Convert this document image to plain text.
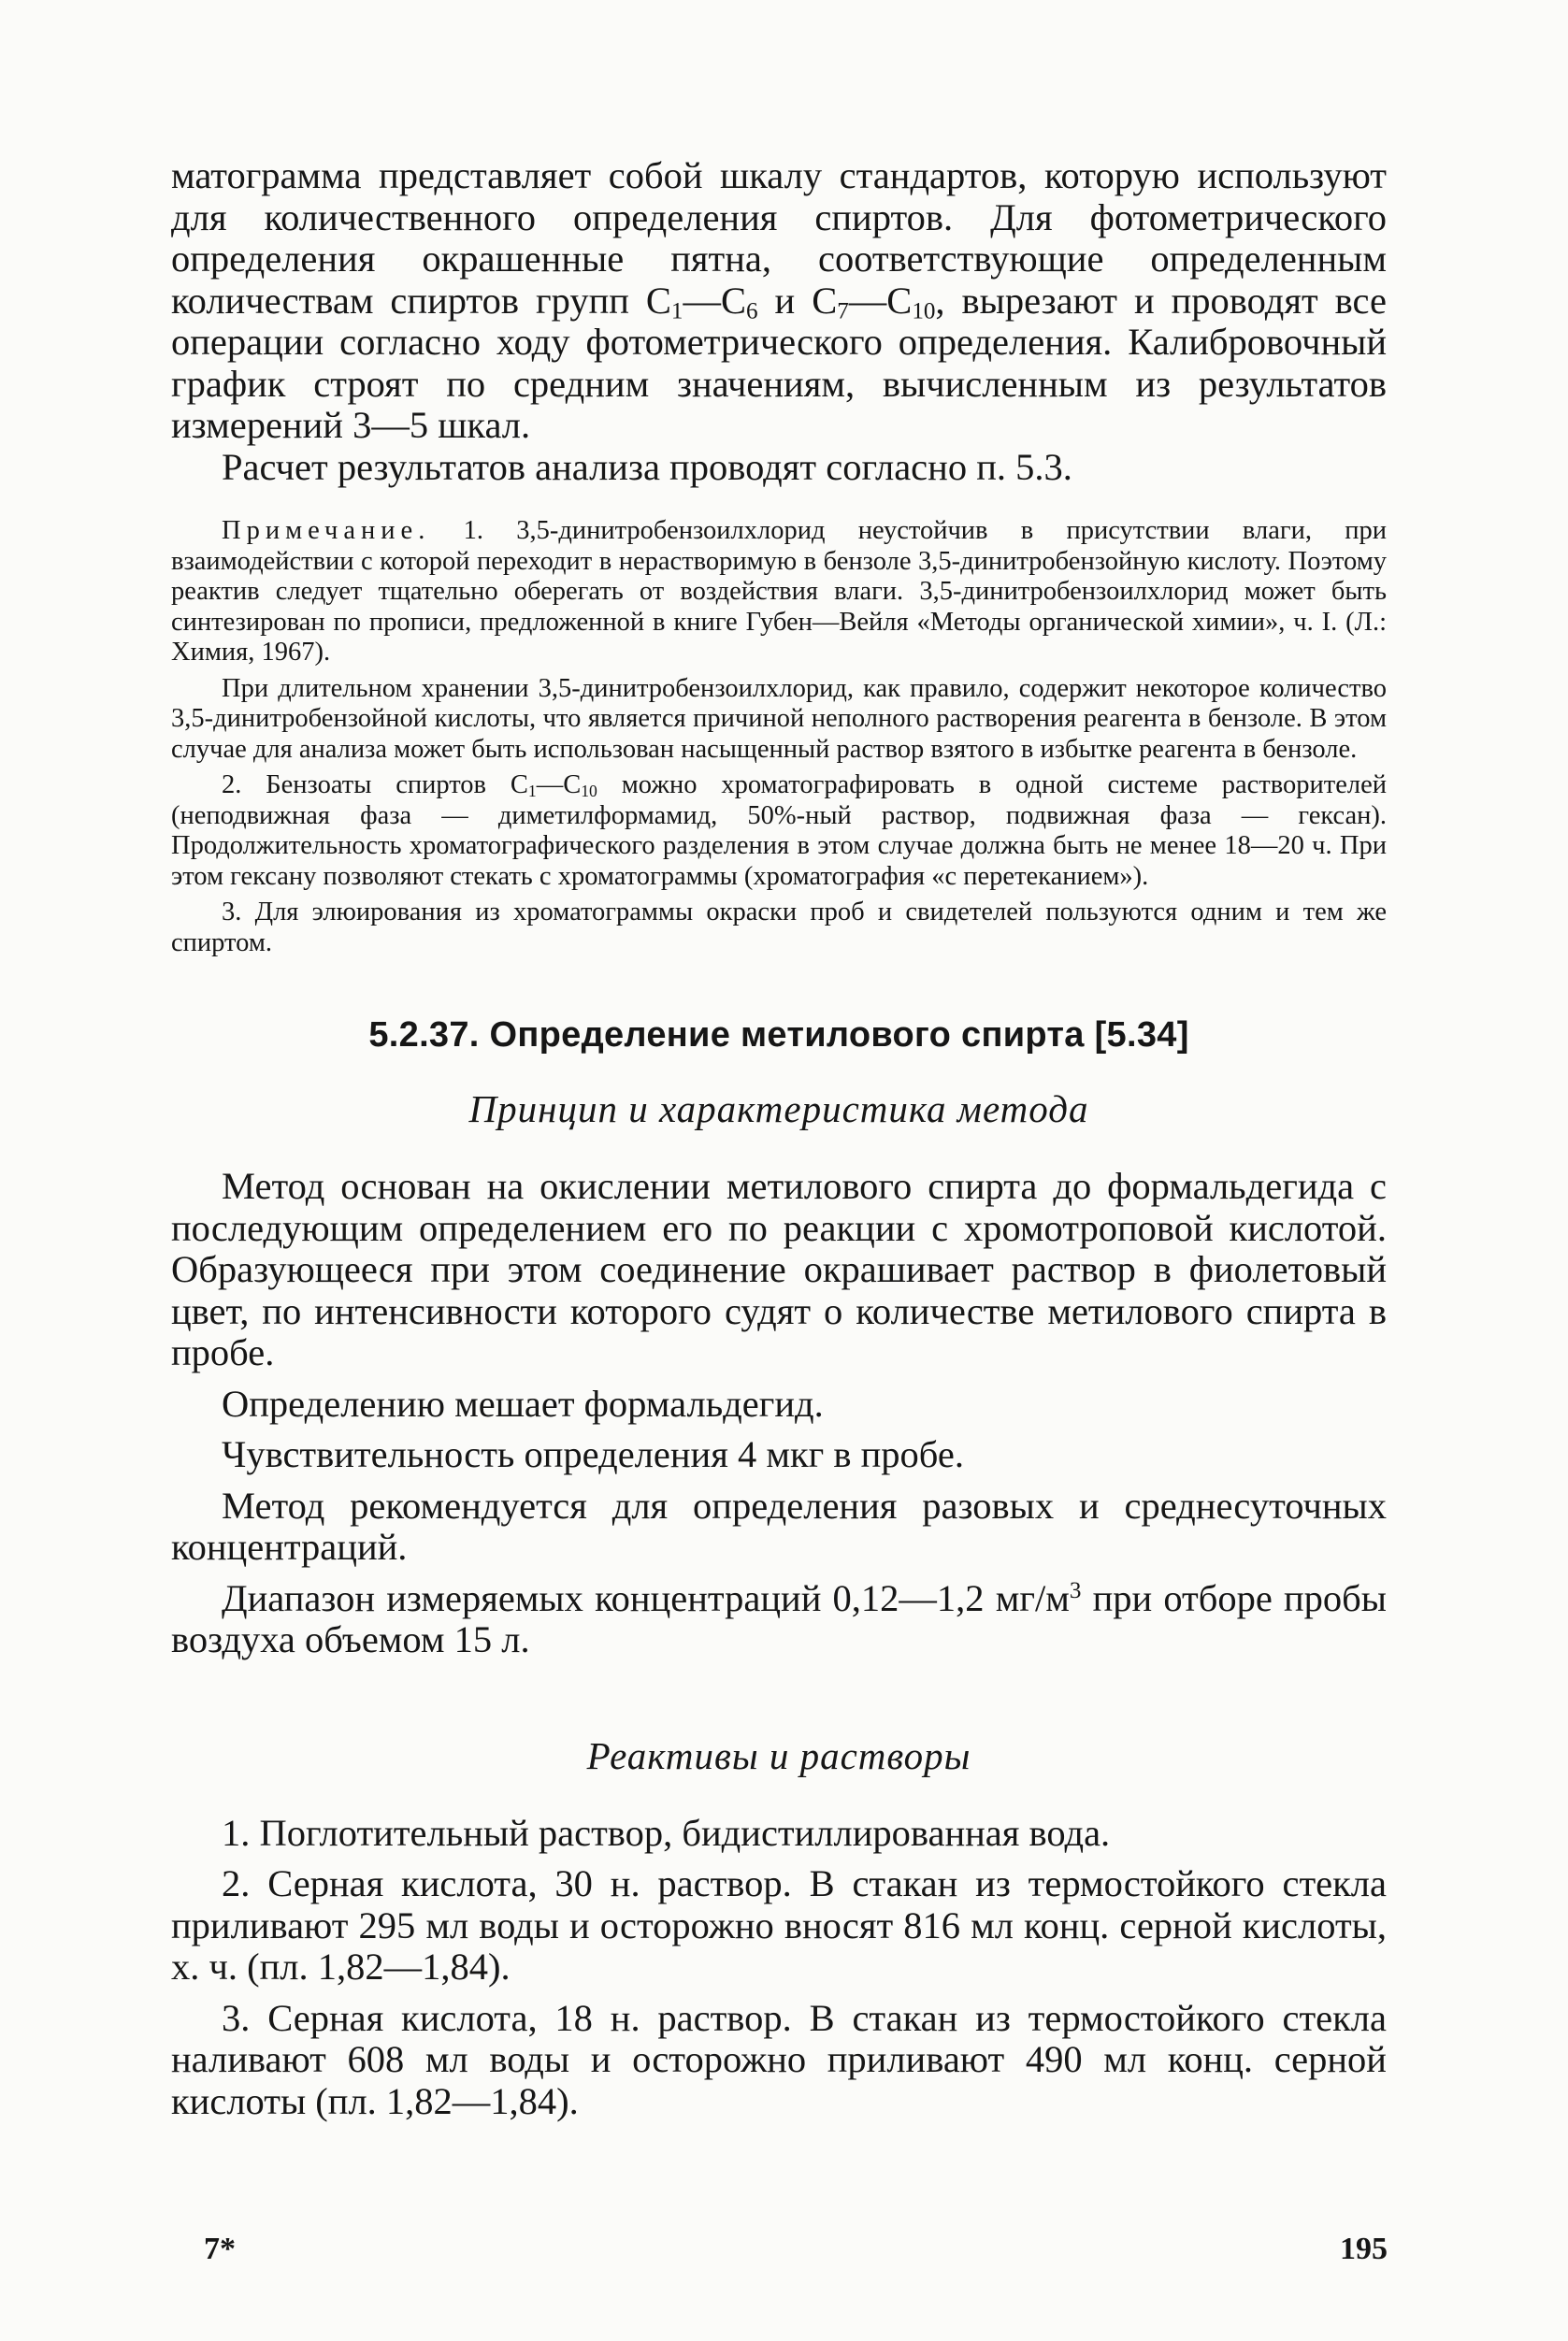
матограмма представляет собой шкалу стандартов, которую используют для количественного определения спиртов. Для фотометрического определения окрашенные пятна, соответствующие определенным количествам спиртов групп $C_1—C_6$ и $C_7—C_{10}$, вырезают и проводят все операции согласно ходу фотометрического определения. Калибровочный график строят по средним значениям, вычисленным из результатов измерений 3—5 шкал.

Расчет результатов анализа проводят согласно п. 5.3.

Примечание. 1. 3,5-динитробензоилхлорид неустойчив в присутствии влаги, при взаимодействии с которой переходит в нерастворимую в бензоле 3,5-динитробензойную кислоту. Поэтому реактив следует тщательно оберегать от воздействия влаги. 3,5-динитробензоилхлорид может быть синтезирован по прописи, предложенной в книге Губен—Вейля «Методы органической химии», ч. I. (Л.: Химия, 1967).

При длительном хранении 3,5-динитробензоилхлорид, как правило, содержит некоторое количество 3,5-динитробензойной кислоты, что является причиной неполного растворения реагента в бензоле. В этом случае для анализа может быть использован насыщенный раствор взятого в избытке реагента в бензоле.

2. Бензоаты спиртов $C_1—C_{10}$ можно хроматографировать в одной системе растворителей (неподвижная фаза — диметилформамид, 50%-ный раствор, подвижная фаза — гексан). Продолжительность хроматографического разделения в этом случае должна быть не менее 18—20 ч. При этом гексану позволяют стекать с хроматограммы (хроматография «с перетеканием»).

3. Для элюирования из хроматограммы окраски проб и свидетелей пользуются одним и тем же спиртом.

5.2.37. Определение метилового спирта [5.34]
Принцип и характеристика метода

Метод основан на окислении метилового спирта до формальдегида с последующим определением его по реакции с хромотроповой кислотой. Образующееся при этом соединение окрашивает раствор в фиолетовый цвет, по интенсивности которого судят о количестве метилового спирта в пробе.

Определению мешает формальдегид.

Чувствительность определения 4 мкг в пробе.

Метод рекомендуется для определения разовых и среднесуточных концентраций.

Диапазон измеряемых концентраций 0,12—1,2 $мг/м^3$ при отборе пробы воздуха объемом 15 л.

Реактивы и растворы

1. Поглотительный раствор, бидистиллированная вода.

2. Серная кислота, 30 н. раствор. В стакан из термостойкого стекла приливают 295 мл воды и осторожно вносят 816 мл конц. серной кислоты, х. ч. (пл. 1,82—1,84).

3. Серная кислота, 18 н. раствор. В стакан из термостойкого стекла наливают 608 мл воды и осторожно приливают 490 мл конц. серной кислоты (пл. 1,82—1,84).

7*	195
